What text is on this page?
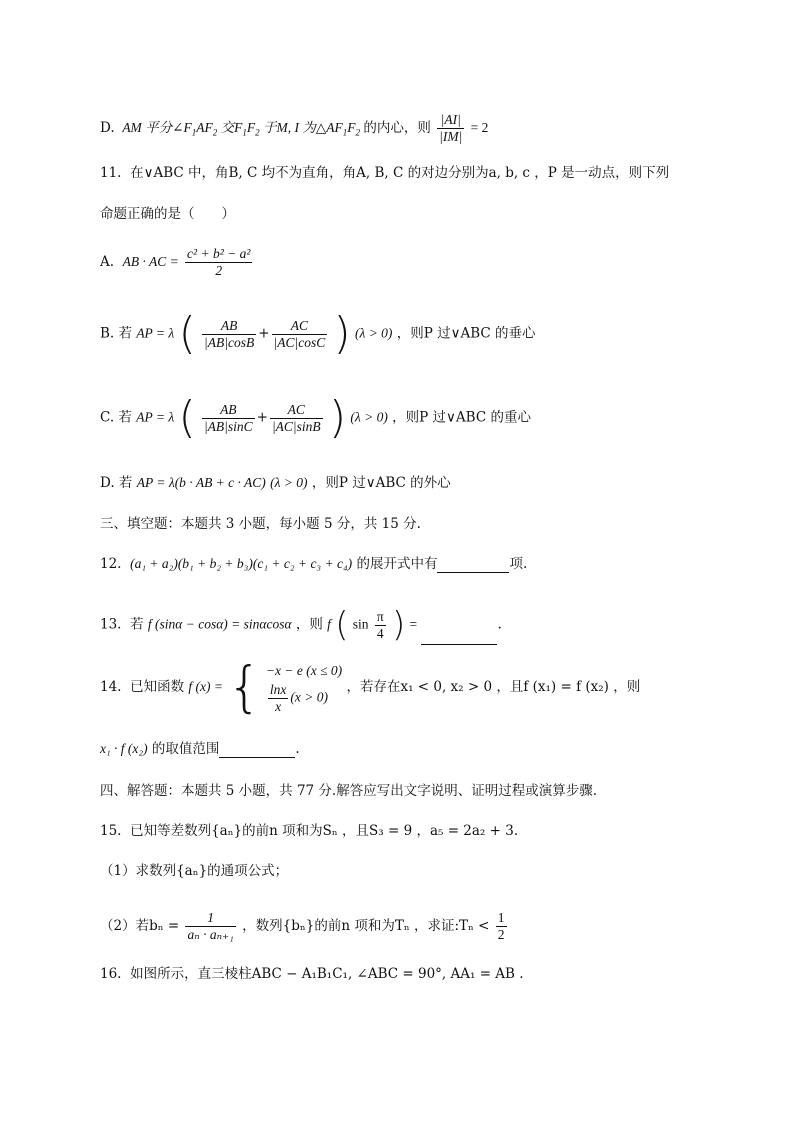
D. AM 平分$\angle F_1AF_2$ 交$F_1F_2$ 于M, I 为$\triangle AF_1F_2$ 的内心，则 $\frac{|AI|}{|IM|} = 2$
11. 在∨ABC 中，角B, C 均不为直角，角A, B, C 的对边分别为a, b, c ，P 是一动点，则下列
命题正确的是（　　）
A. AB · AC = $\frac{\text{c² + b² − a²}}{2}$
B. 若 AP = λ ( $\frac{AB}{|AB|\cos B} + \frac{AC}{|AC|\cos C}$ ) (λ > 0) ，则P 过∨ABC 的垂心
C. 若 AP = λ ( $\frac{AB}{|AB|\sin C} + \frac{AC}{|AC|\sin B}$ ) (λ > 0) ，则P 过∨ABC 的重心
D. 若 AP = λ(b · AB + c · AC) (λ > 0) ，则P 过∨ABC 的外心
三、填空题：本题共 3 小题，每小题 5 分，共 15 分.
12. (a₁ + a₂)(b₁ + b₂ + b₃)(c₁ + c₂ + c₃ + c₄) 的展开式中有	项.
13. 若 f (sinα − cosα) = sinαcosα ，则 f ( $\sin \frac{\pi}{4}$ ) =	.
14. 已知函数 f (x) = { −x − e (x ≤ 0)
$\frac{\ln x}{x} (x > 0)$
，若存在x₁ < 0, x₂ > 0 ，且f (x₁) = f (x₂) ，则
x₁ · f (x₂) 的取值范围	.
四、解答题：本题共 5 小题，共 77 分.解答应写出文字说明、证明过程或演算步骤.
15. 已知等差数列{aₙ}的前n 项和为Sₙ ，且S₃ = 9 ，a₅ = 2a₂ + 3.
（1）求数列{aₙ}的通项公式；
（2）若$b_n = \frac{1}{\text{aₙ · aₙ₊₁}}$ ，数列{bₙ}的前n 项和为Tₙ ，求证:Tₙ < $\frac{1}{2}$
16. 如图所示，直三棱柱ABC − A₁B₁C₁, ∠ABC = 90°, AA₁ = AB .
